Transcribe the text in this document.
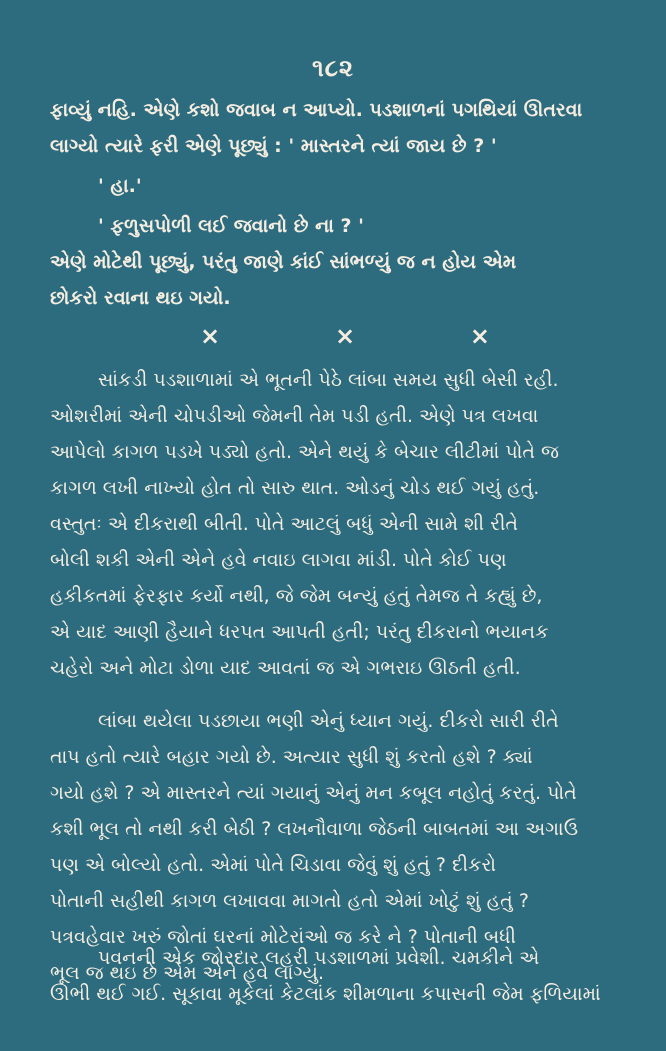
૧૮૨
ફાવ્યું નહિ. એણે કશો જવાબ ન આપ્યો. પડશાળનાં પગથિયાં ઊતરવા
લાગ્યો ત્યારે ફરી એણે પૂછ્યું : ' માસ્તરને ત્યાં જાય છે ? '
' હા.'
' ફળુસપોળી લઈ જવાનો છે ના ? '
એણે મોટેથી પૂછ્યું, પરંતુ જાણે કાંઈ સાંભળ્યું જ ન હોય એમ
છોકરો રવાના થઇ ગયો.
×	×	×
સાંકડી પડશાળામાં એ ભૂતની પેઠે લાંબા સમય સુધી બેસી રહી.
ઓશરીમાં એની ચોપડીઓ જેમની તેમ પડી હતી. એણે પત્ર લખવા
આપેલો કાગળ પડખે પડ્યો હતો. એને થયું કે બેચાર લીટીમાં પોતે જ
કાગળ લખી નાખ્યો હોત તો સારુ થાત. ઓડનું ચોડ થઈ ગયું હતું.
વસ્તુતઃ એ દીકરાથી બીતી. પોતે આટલું બધું એની સામે શી રીતે
બોલી શકી એની એને હવે નવાઇ લાગવા માંડી. પોતે કોઈ પણ
હકીકતમાં ફેરફાર કર્યો નથી, જે જેમ બન્યું હતું તેમજ તે કહ્યું છે,
એ યાદ આણી હૈયાને ધરપત આપતી હતી; પરંતુ દીકરાનો ભયાનક
ચહેરો અને મોટા ડોળા યાદ આવતાં જ એ ગભરાઇ ઊઠતી હતી.
લાંબા થયેલા પડછાયા ભણી એનું ધ્યાન ગયું. દીકરો સારી રીતે
તાપ હતો ત્યારે બહાર ગયો છે. અત્યાર સુધી શું કરતો હશે ? ક્યાં
ગયો હશે ? એ માસ્તરને ત્યાં ગયાનું એનું મન કબૂલ નહોતું કરતું. પોતે
કશી ભૂલ તો નથી કરી બેઠી ? લખનૌવાળા જેઠની બાબતમાં આ અગાઉ
પણ એ બોલ્યો હતો. એમાં પોતે ચિડાવા જેવું શું હતું ? દીકરો
પોતાની સહીથી કાગળ લખાવવા માગતો હતો એમાં ખોટું શું હતું ?
પત્રવહેવાર ખરું જોતાં ઘરનાં મોટેરાંઓ જ કરે ને ? પોતાની બધી
ભૂલ જ થઇ છે એમ એને હવે લાગ્યું.
પવનની એક જોરદાર લહરી પડશાળમાં પ્રવેશી. ચમકીને એ
ઊભી થઈ ગઈ. સૂકાવા મૂકેલાં કેટલાંક શીમળાના કપાસની જેમ ફળિયામાં
